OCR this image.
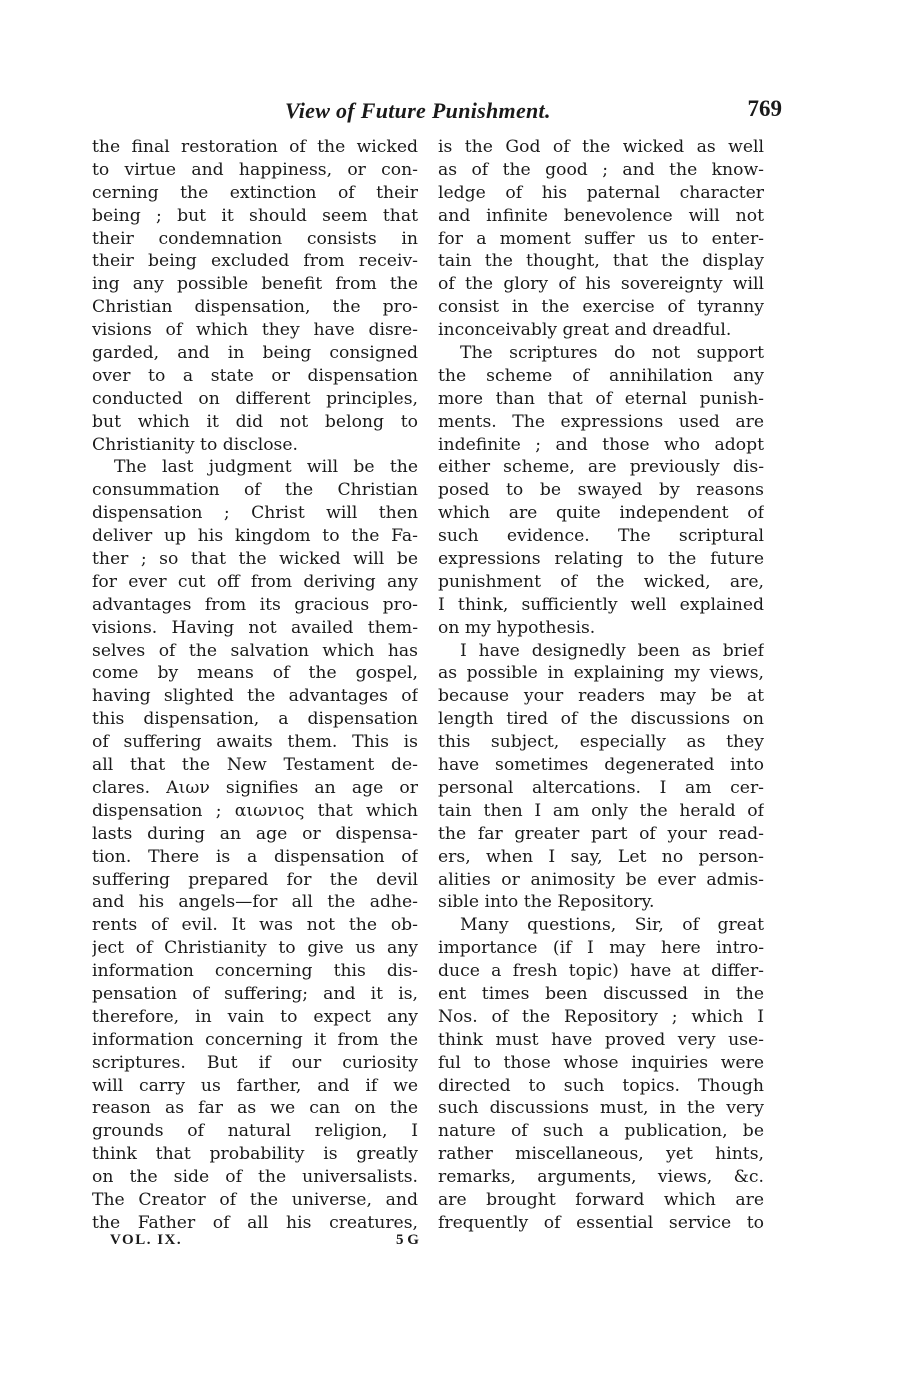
View of Future Punishment.	769
the final restoration of the wicked
to virtue and happiness, or con-
cerning the extinction of their
being ; but it should seem that
their condemnation consists in
their being excluded from receiv-
ing any possible benefit from the
Christian dispensation, the pro-
visions of which they have disre-
garded, and in being consigned
over to a state or dispensation
conducted on different principles,
but which it did not belong to
Christianity to disclose.
The last judgment will be the
consummation of the Christian
dispensation ; Christ will then
deliver up his kingdom to the Fa-
ther ; so that the wicked will be
for ever cut off from deriving any
advantages from its gracious pro-
visions. Having not availed them-
selves of the salvation which has
come by means of the gospel,
having slighted the advantages of
this dispensation, a dispensation
of suffering awaits them. This is
all that the New Testament de-
clares. Αιων signifies an age or
dispensation ; αιωνιος that which
lasts during an age or dispensa-
tion. There is a dispensation of
suffering prepared for the devil
and his angels—for all the adhe-
rents of evil. It was not the ob-
ject of Christianity to give us any
information concerning this dis-
pensation of suffering; and it is,
therefore, in vain to expect any
information concerning it from the
scriptures. But if our curiosity
will carry us farther, and if we
reason as far as we can on the
grounds of natural religion, I
think that probability is greatly
on the side of the universalists.
The Creator of the universe, and
the Father of all his creatures,
is the God of the wicked as well
as of the good ; and the know-
ledge of his paternal character
and infinite benevolence will not
for a moment suffer us to enter-
tain the thought, that the display
of the glory of his sovereignty will
consist in the exercise of tyranny
inconceivably great and dreadful.
The scriptures do not support
the scheme of annihilation any
more than that of eternal punish-
ments. The expressions used are
indefinite ; and those who adopt
either scheme, are previously dis-
posed to be swayed by reasons
which are quite independent of
such evidence. The scriptural
expressions relating to the future
punishment of the wicked, are,
I think, sufficiently well explained
on my hypothesis.
I have designedly been as brief
as possible in explaining my views,
because your readers may be at
length tired of the discussions on
this subject, especially as they
have sometimes degenerated into
personal altercations. I am cer-
tain then I am only the herald of
the far greater part of your read-
ers, when I say, Let no person-
alities or animosity be ever admis-
sible into the Repository.
Many questions, Sir, of great
importance (if I may here intro-
duce a fresh topic) have at differ-
ent times been discussed in the
Nos. of the Repository ; which I
think must have proved very use-
ful to those whose inquiries were
directed to such topics. Though
such discussions must, in the very
nature of such a publication, be
rather miscellaneous, yet hints,
remarks, arguments, views, &c.
are brought forward which are
frequently of essential service to
VOL. IX.	5 G
